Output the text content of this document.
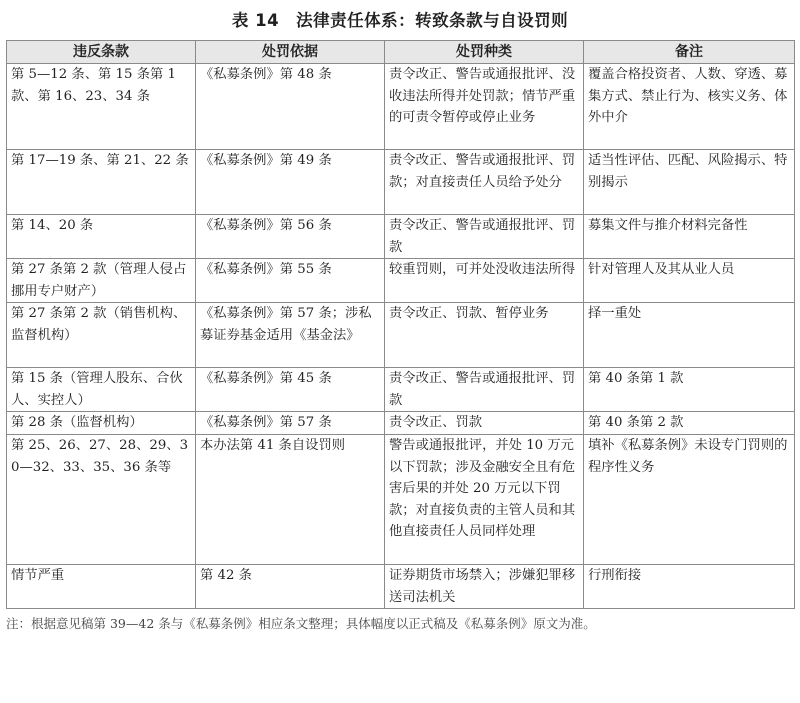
表 14　法律责任体系：转致条款与自设罚则
违反条款	处罚依据	处罚种类	备注
第 5—12 条、第 15 条第 1 款、第 16、23、34 条	《私募条例》第 48 条	责令改正、警告或通报批评、没收违法所得并处罚款；情节严重的可责令暂停或停止业务	覆盖合格投资者、人数、穿透、募集方式、禁止行为、核实义务、体外中介
第 17—19 条、第 21、22 条	《私募条例》第 49 条	责令改正、警告或通报批评、罚款；对直接责任人员给予处分	适当性评估、匹配、风险揭示、特别揭示
第 14、20 条	《私募条例》第 56 条	责令改正、警告或通报批评、罚款	募集文件与推介材料完备性
第 27 条第 2 款（管理人侵占挪用专户财产）	《私募条例》第 55 条	较重罚则，可并处没收违法所得	针对管理人及其从业人员
第 27 条第 2 款（销售机构、监督机构）	《私募条例》第 57 条；涉私募证券基金适用《基金法》	责令改正、罚款、暂停业务	择一重处
第 15 条（管理人股东、合伙人、实控人）	《私募条例》第 45 条	责令改正、警告或通报批评、罚款	第 40 条第 1 款
第 28 条（监督机构）	《私募条例》第 57 条	责令改正、罚款	第 40 条第 2 款
第 25、26、27、28、29、30—32、33、35、36 条等	本办法第 41 条自设罚则	警告或通报批评，并处 10 万元以下罚款；涉及金融安全且有危害后果的并处 20 万元以下罚款；对直接负责的主管人员和其他直接责任人员同样处理	填补《私募条例》未设专门罚则的程序性义务
情节严重	第 42 条	证券期货市场禁入；涉嫌犯罪移送司法机关	行刑衔接
注：根据意见稿第 39—42 条与《私募条例》相应条文整理；具体幅度以正式稿及《私募条例》原文为准。
